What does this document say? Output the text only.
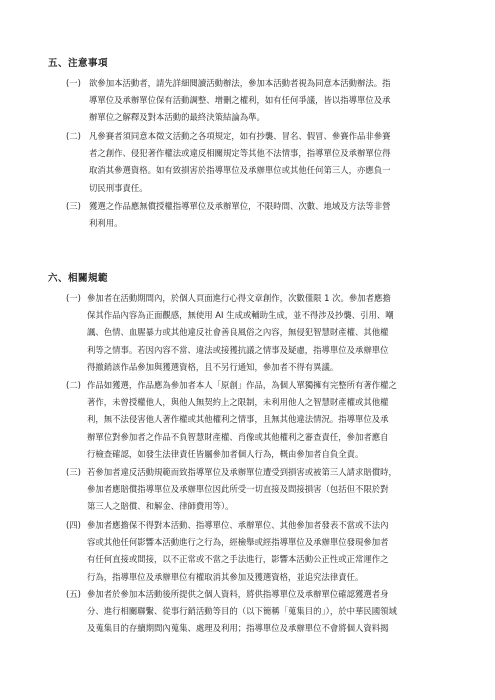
五、注意事項
(一) 欲參加本活動者，請先詳細閱讀活動辦法，參加本活動者視為同意本活動辦法。指
導單位及承辦單位保有活動調整、增刪之權利，如有任何爭議，皆以指導單位及承
辦單位之解釋及對本活動的最終決策結論為準。
(二) 凡參賽者須同意本徵文活動之各項規定，如有抄襲、冒名、假冒、參賽作品非參賽
者之創作、侵犯著作權法或違反相關規定等其他不法情事，指導單位及承辦單位得
取消其參選資格。如有致損害於指導單位及承辦單位或其他任何第三人，亦應負一
切民刑事責任。
(三) 獲選之作品應無償授權指導單位及承辦單位，不限時間、次數、地域及方法等非營
利利用。
六、相關規範
(一) 參加者在活動期間內，於個人頁面進行心得文章創作，次數僅限 1 次。參加者應擔
保其作品內容為正面觀感，無使用 AI 生成或輔助生成，並不得涉及抄襲、引用、嘲
諷、色情、血腥暴力或其他違反社會善良風俗之內容，無侵犯智慧財產權、其他權
利等之情事。若因內容不當、違法或接獲抗議之情事及疑慮，指導單位及承辦單位
得撤銷該作品參加與獲選資格，且不另行通知，參加者不得有異議。
(二) 作品如獲選，作品應為參加者本人「原創」作品，為個人單獨擁有完整所有著作權之
著作，未曾授權他人，與他人無契約上之限制，未利用他人之智慧財產權或其他權
利，無不法侵害他人著作權或其他權利之情事，且無其他違法情況。指導單位及承
辦單位對參加者之作品不負智慧財產權、肖像或其他權利之審查責任，參加者應自
行檢查確認，如發生法律責任皆屬參加者個人行為，概由參加者自負全責。
(三) 若參加者違反活動規範而致指導單位及承辦單位遭受到損害或被第三人請求賠償時，
參加者應賠償指導單位及承辦單位因此所受一切直接及間接損害（包括但不限於對
第三人之賠償、和解金、律師費用等）。
(四) 參加者應擔保不得對本活動、指導單位、承辦單位、其他參加者發表不當或不法內
容或其他任何影響本活動進行之行為，經檢舉或經指導單位及承辦單位發現參加者
有任何直接或間接，以不正常或不當之手法進行，影響本活動公正性或正常運作之
行為，指導單位及承辦單位有權取消其參加及獲選資格，並追究法律責任。
(五) 參加者於參加本活動後所提供之個人資料，將供指導單位及承辦單位確認獲選者身
分、進行相關聯繫、從事行銷活動等目的（以下簡稱「蒐集目的」），於中華民國領域
及蒐集目的存續期間內蒐集、處理及利用；指導單位及承辦單位不會將個人資料揭
